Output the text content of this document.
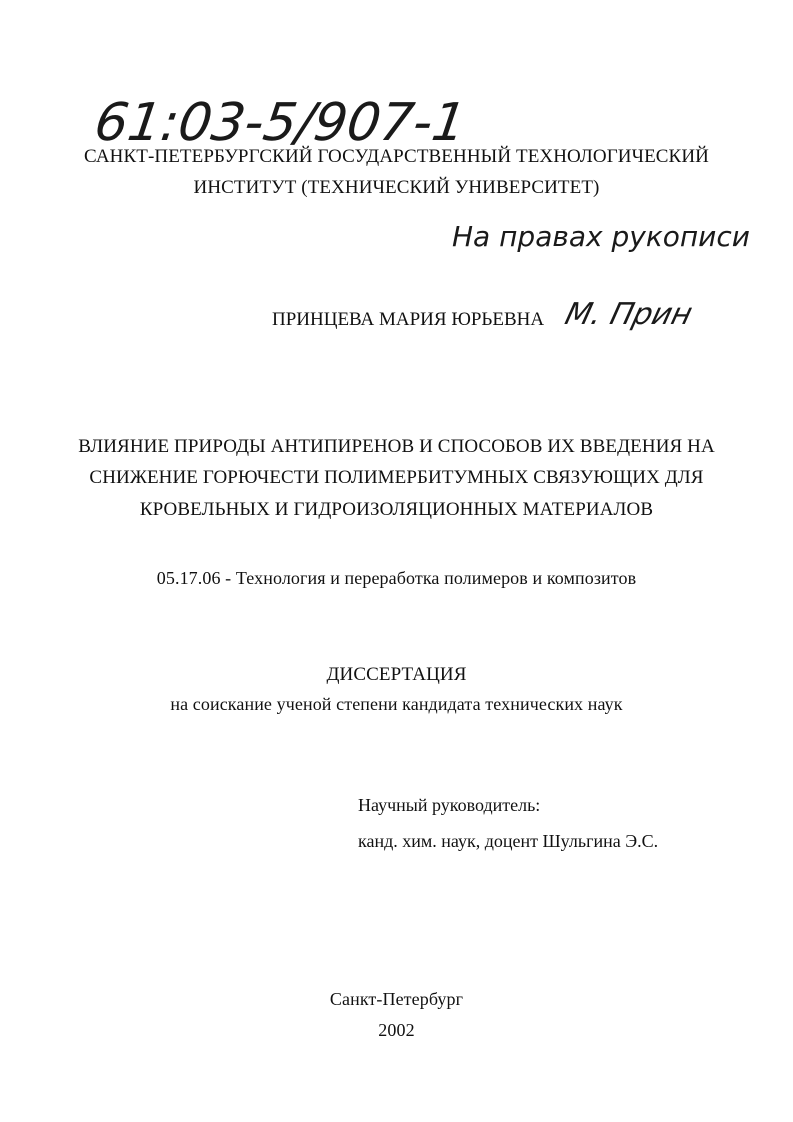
61:03-5/907-1
САНКТ-ПЕТЕРБУРГСКИЙ ГОСУДАРСТВЕННЫЙ ТЕХНОЛОГИЧЕСКИЙ
ИНСТИТУТ (ТЕХНИЧЕСКИЙ УНИВЕРСИТЕТ)
На правах рукописи
ПРИНЦЕВА МАРИЯ ЮРЬЕВНА М. Прин
ВЛИЯНИЕ ПРИРОДЫ АНТИПИРЕНОВ И СПОСОБОВ ИХ ВВЕДЕНИЯ НА
СНИЖЕНИЕ ГОРЮЧЕСТИ ПОЛИМЕРБИТУМНЫХ СВЯЗУЮЩИХ ДЛЯ
КРОВЕЛЬНЫХ И ГИДРОИЗОЛЯЦИОННЫХ МАТЕРИАЛОВ
05.17.06 - Технология и переработка полимеров и композитов
ДИССЕРТАЦИЯ
на соискание ученой степени кандидата технических наук
Научный руководитель:
канд. хим. наук, доцент Шульгина Э.С.
Санкт-Петербург
2002
